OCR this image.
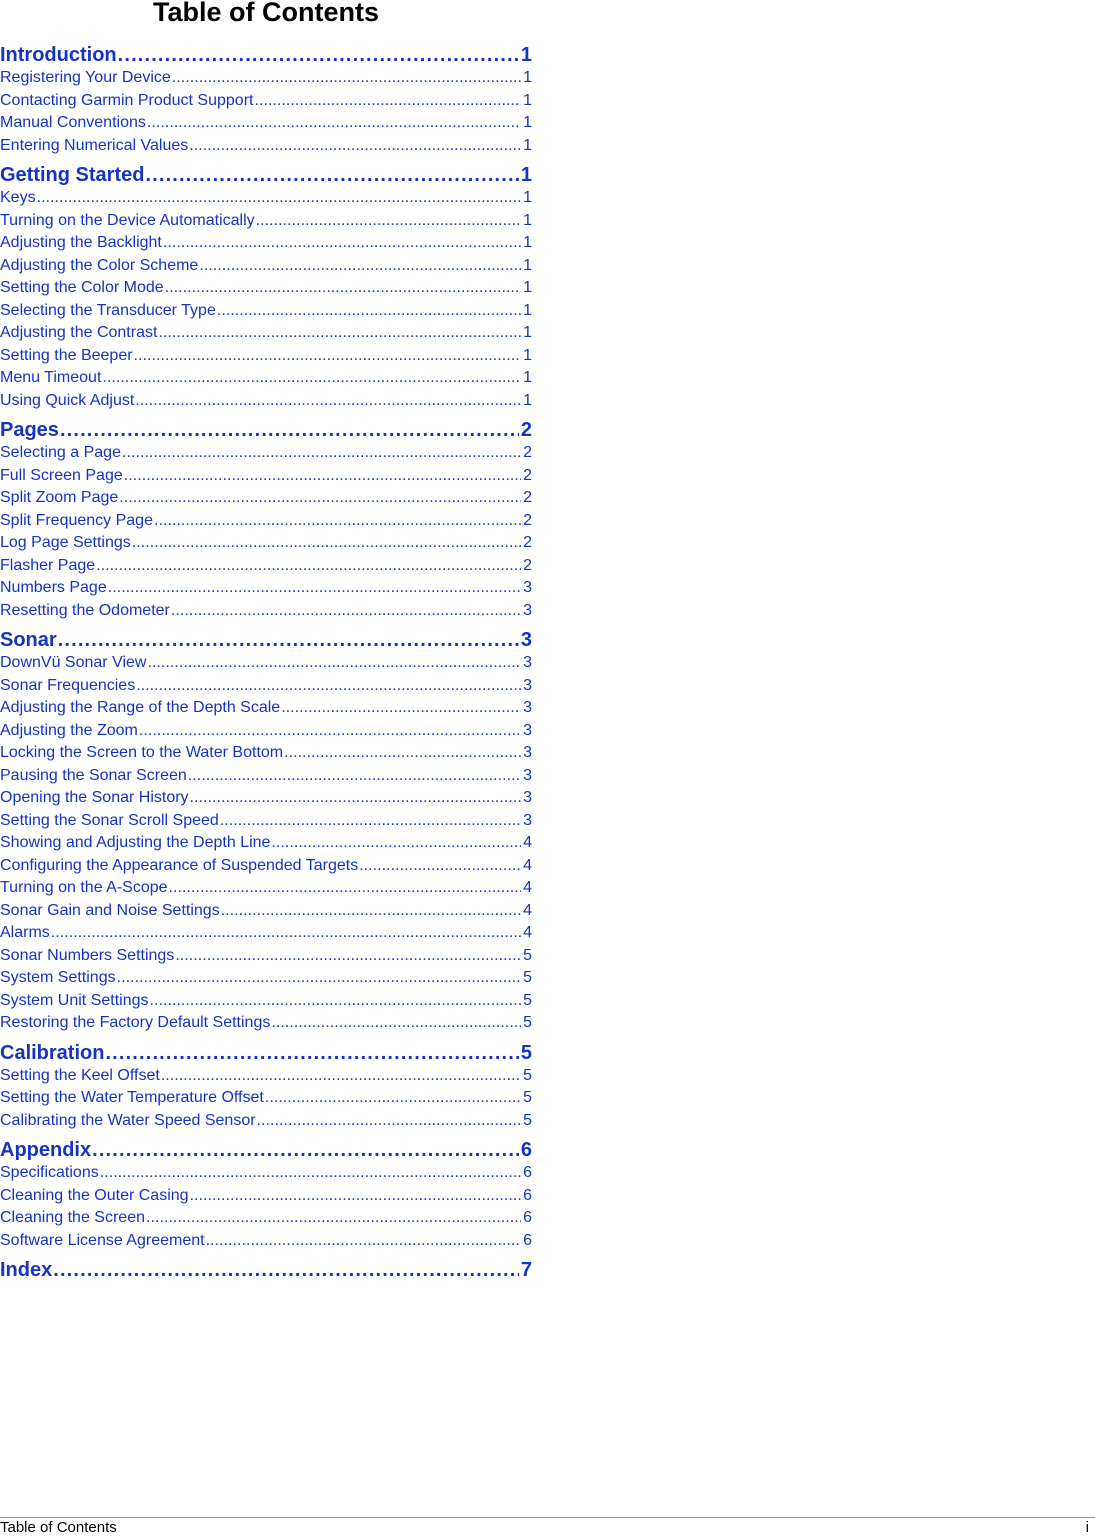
Table of Contents
Introduction . . .	1
Registering Your Device . . .	1
Contacting Garmin Product Support . . .	1
Manual Conventions . . .	1
Entering Numerical Values . . .	1
Getting Started . . .	1
Keys . . .	1
Turning on the Device Automatically . . .	1
Adjusting the Backlight . . .	1
Adjusting the Color Scheme . . .	1
Setting the Color Mode . . .	1
Selecting the Transducer Type . . .	1
Adjusting the Contrast . . .	1
Setting the Beeper . . .	1
Menu Timeout . . .	1
Using Quick Adjust . . .	1
Pages . . .	2
Selecting a Page . . .	2
Full Screen Page . . .	2
Split Zoom Page . . .	2
Split Frequency Page . . .	2
Log Page Settings . . .	2
Flasher Page . . .	2
Numbers Page . . .	3
Resetting the Odometer . . .	3
Sonar . . .	3
DownVü Sonar View . . .	3
Sonar Frequencies . . .	3
Adjusting the Range of the Depth Scale . . .	3
Adjusting the Zoom . . .	3
Locking the Screen to the Water Bottom . . .	3
Pausing the Sonar Screen . . .	3
Opening the Sonar History . . .	3
Setting the Sonar Scroll Speed . . .	3
Showing and Adjusting the Depth Line . . .	4
Configuring the Appearance of Suspended Targets . . .	4
Turning on the A-Scope . . .	4
Sonar Gain and Noise Settings . . .	4
Alarms . . .	4
Sonar Numbers Settings . . .	5
System Settings . . .	5
System Unit Settings . . .	5
Restoring the Factory Default Settings . . .	5
Calibration . . .	5
Setting the Keel Offset . . .	5
Setting the Water Temperature Offset . . .	5
Calibrating the Water Speed Sensor . . .	5
Appendix . . .	6
Specifications . . .	6
Cleaning the Outer Casing . . .	6
Cleaning the Screen . . .	6
Software License Agreement . . .	6
Index . . .	7
Table of Contents	i
